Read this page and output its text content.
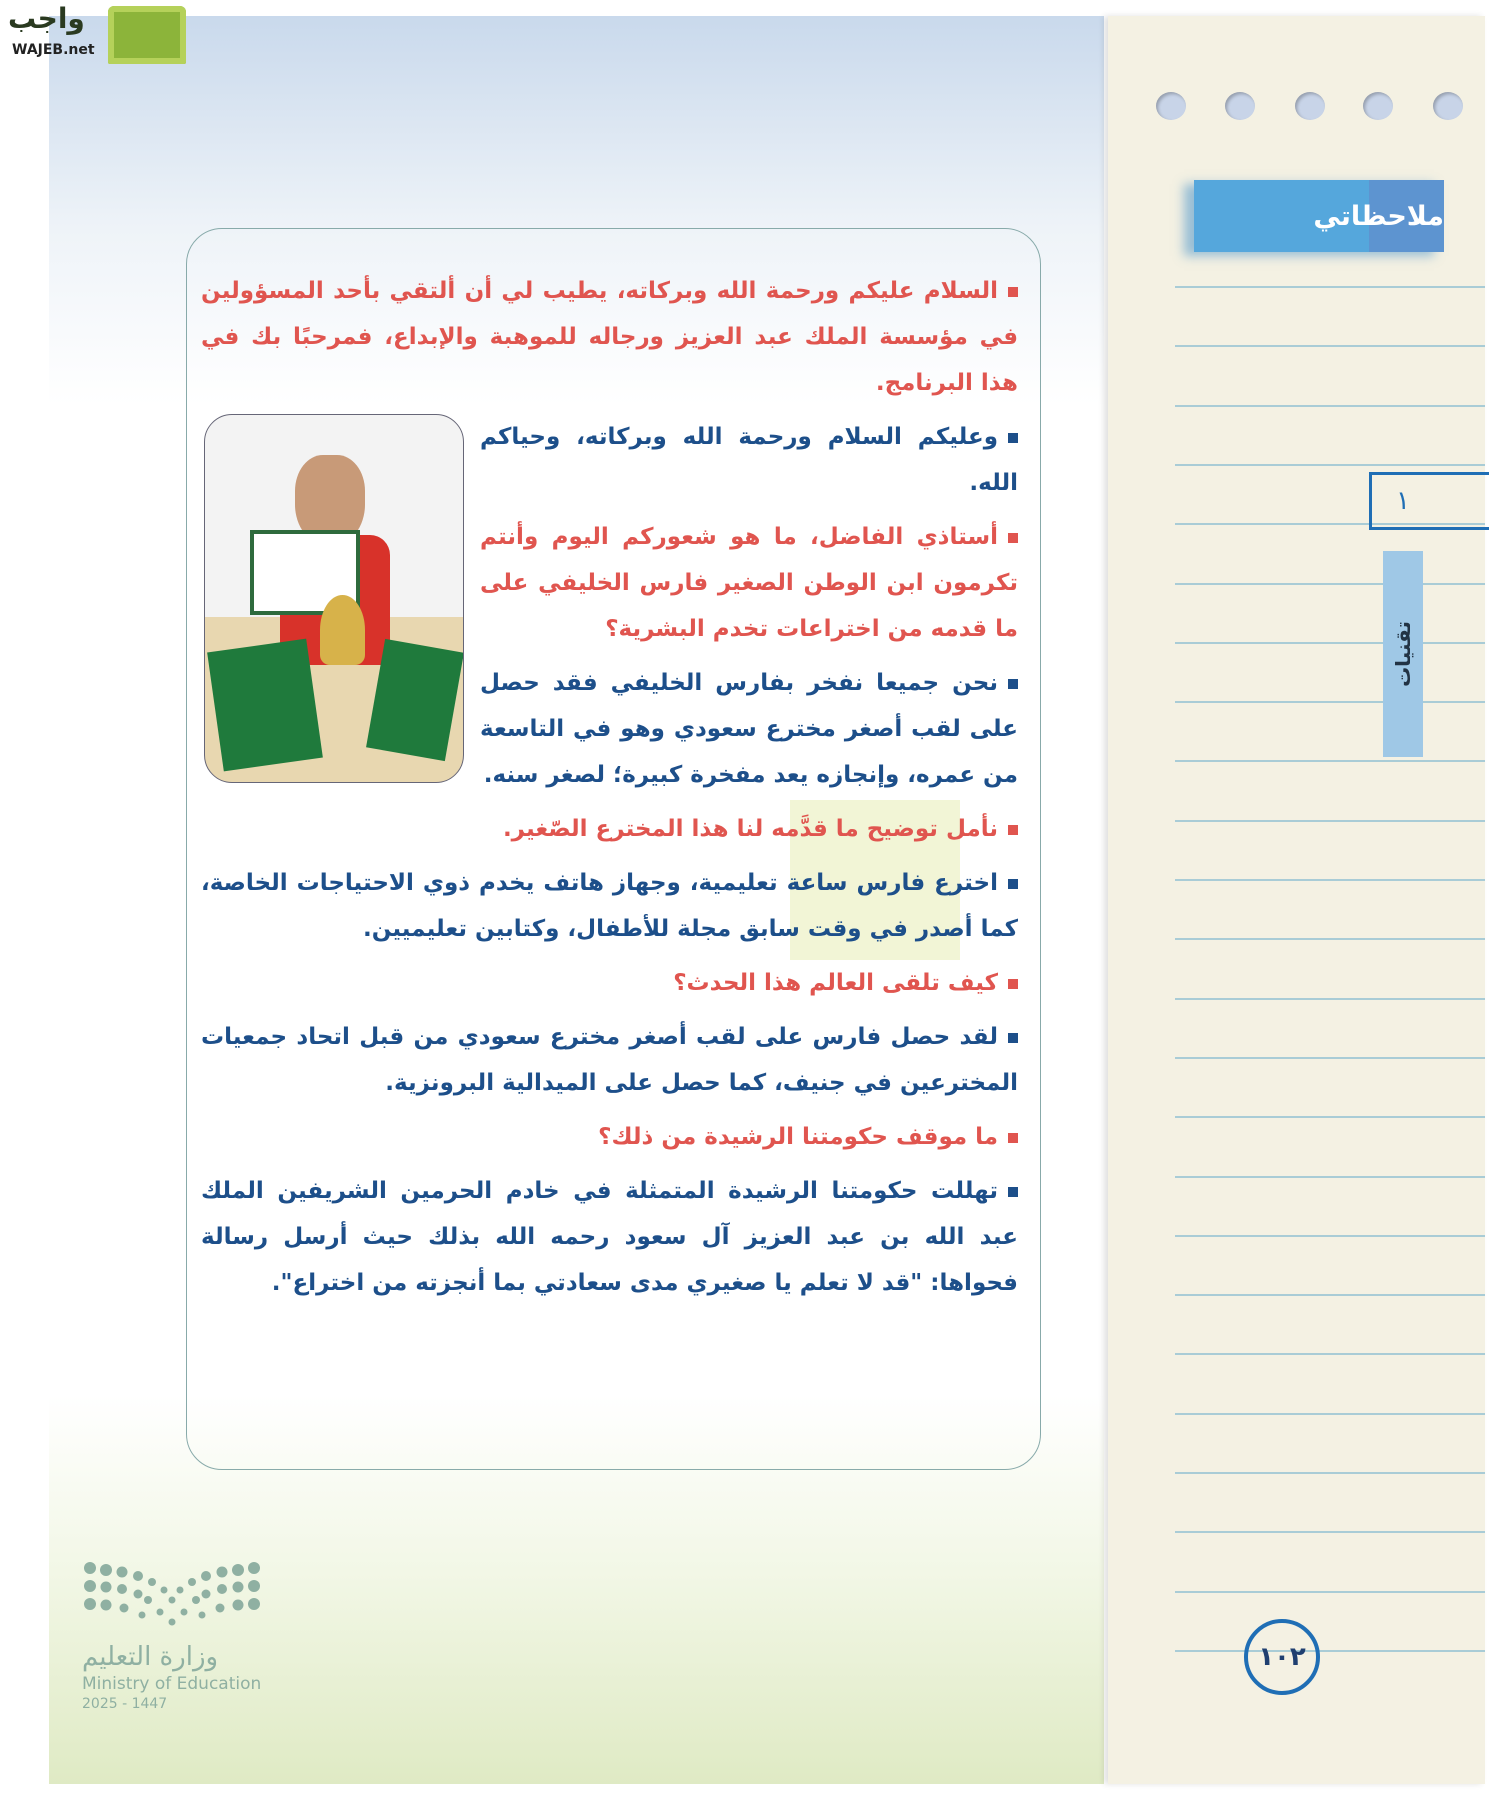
واجب
WAJEB.net
السلام عليكم ورحمة الله وبركاته، يطيب لي أن ألتقي بأحد المسؤولين في مؤسسة الملك عبد العزيز ورجاله للموهبة والإبداع، فمرحبًا بك في هذا البرنامج.
وعليكم السلام ورحمة الله وبركاته، وحياكم الله.
أستاذي الفاضل، ما هو شعوركم اليوم وأنتم تكرمون ابن الوطن الصغير فارس الخليفي على ما قدمه من اختراعات تخدم البشرية؟
نحن جميعا نفخر بفارس الخليفي فقد حصل على لقب أصغر مخترع سعودي وهو في التاسعة من عمره، وإنجازه يعد مفخرة كبيرة؛ لصغر سنه.
نأمل توضيح ما قدَّمه لنا هذا المخترع الصّغير.
اخترع فارس ساعة تعليمية، وجهاز هاتف يخدم ذوي الاحتياجات الخاصة، كما أصدر في وقت سابق مجلة للأطفال، وكتابين تعليميين.
كيف تلقى العالم هذا الحدث؟
لقد حصل فارس على لقب أصغر مخترع سعودي من قبل اتحاد جمعيات المخترعين في جنيف، كما حصل على الميدالية البرونزية.
ما موقف حكومتنا الرشيدة من ذلك؟
تهللت حكومتنا الرشيدة المتمثلة في خادم الحرمين الشريفين الملك عبد الله بن عبد العزيز آل سعود رحمه الله بذلك حيث أرسل رسالة فحواها: "قد لا تعلم يا صغيري مدى سعادتي بما أنجزته من اختراع".
وزارة التعليم
Ministry of Education
2025 - 1447
ملاحظاتي
١
تقنيات
١٠٢
